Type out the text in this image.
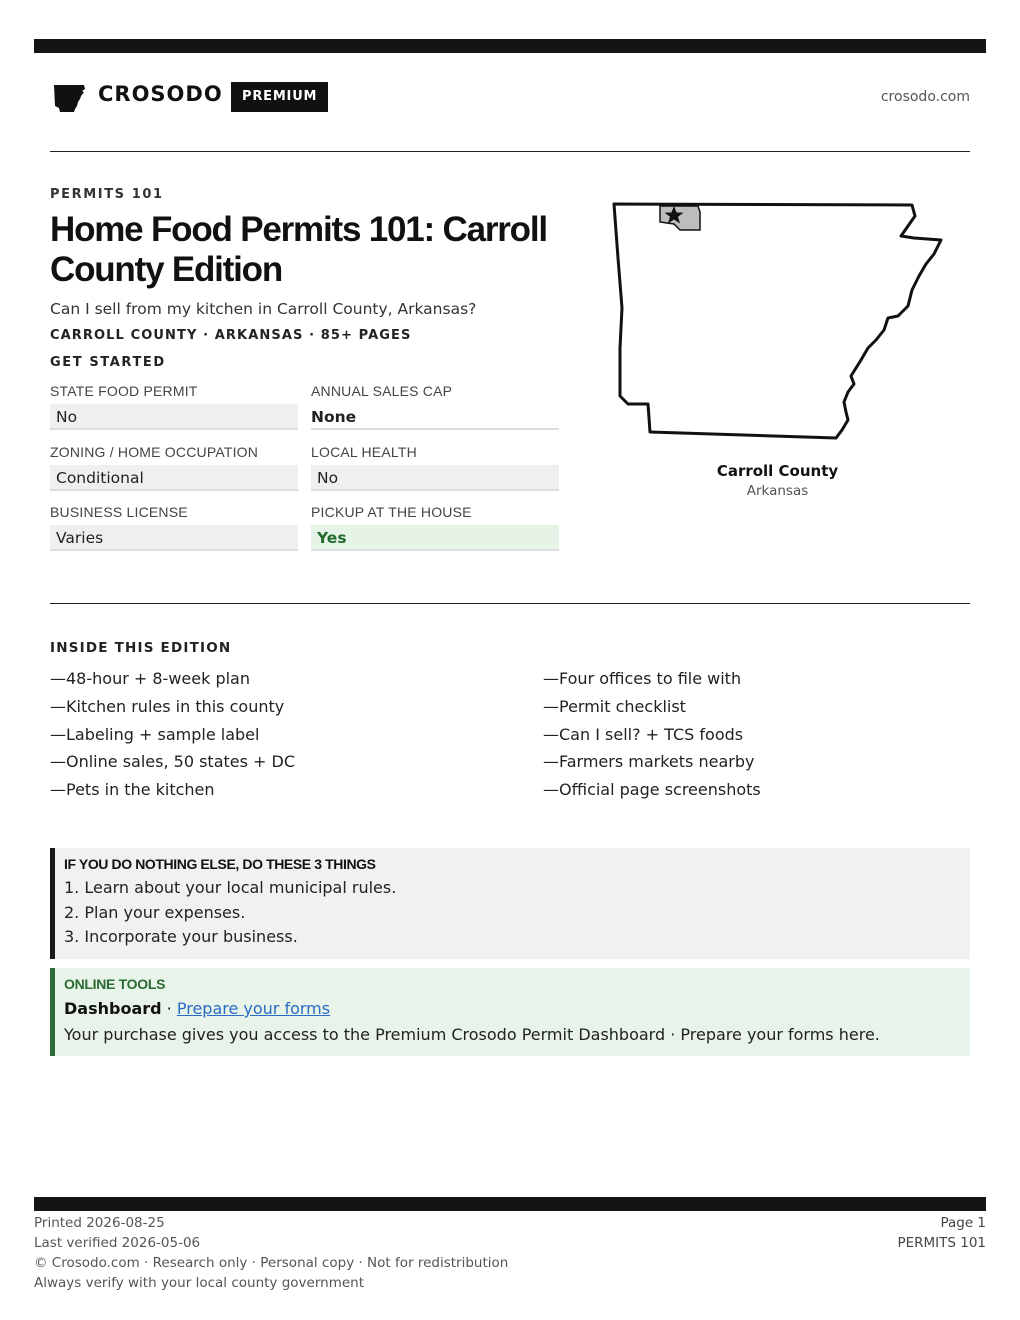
CROSODO	PREMIUM	crosodo.com
PERMITS 101
Home Food Permits 101: Carroll County Edition
Can I sell from my kitchen in Carroll County, Arkansas?
CARROLL COUNTY · ARKANSAS · 85+ PAGES
GET STARTED
STATE FOOD PERMIT
No
ANNUAL SALES CAP
None
ZONING / HOME OCCUPATION
Conditional
LOCAL HEALTH
No
BUSINESS LICENSE
Varies
PICKUP AT THE HOUSE
Yes
Carroll County
Arkansas
INSIDE THIS EDITION
—48-hour + 8-week plan
—Kitchen rules in this county
—Labeling + sample label
—Online sales, 50 states + DC
—Pets in the kitchen
—Four offices to file with
—Permit checklist
—Can I sell? + TCS foods
—Farmers markets nearby
—Official page screenshots
IF YOU DO NOTHING ELSE, DO THESE 3 THINGS
1. Learn about your local municipal rules.
2. Plan your expenses.
3. Incorporate your business.
ONLINE TOOLS
Dashboard · Prepare your forms
Your purchase gives you access to the Premium Crosodo Permit Dashboard · Prepare your forms here.
Printed 2026-08-25
Last verified 2026-05-06
© Crosodo.com · Research only · Personal copy · Not for redistribution
Always verify with your local county government
Page 1
PERMITS 101
